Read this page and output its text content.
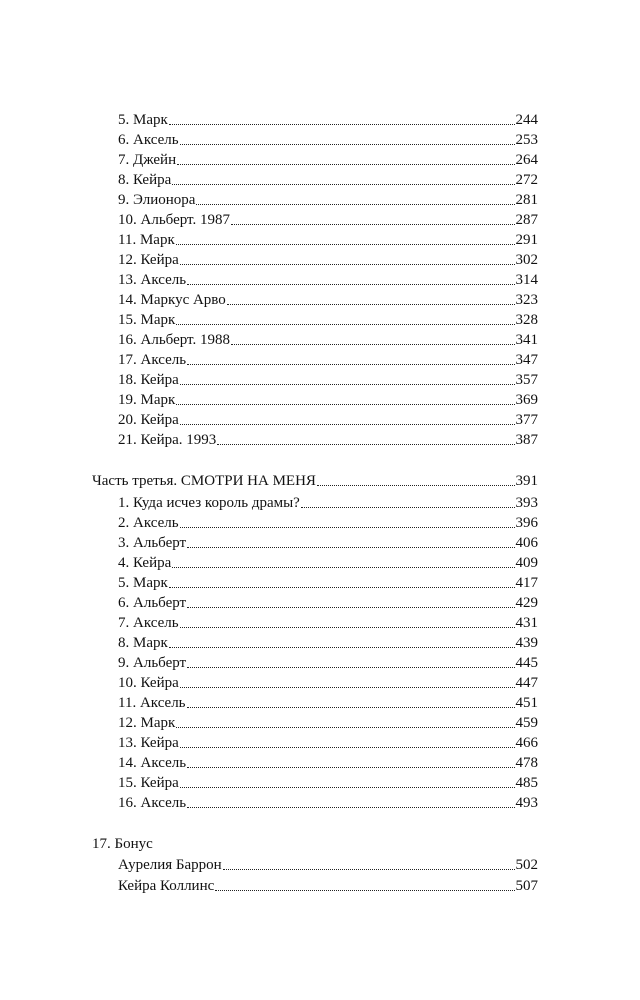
5. Марк	244
6. Аксель	253
7. Джейн	264
8. Кейра	272
9. Элионора	281
10. Альберт. 1987	287
11. Марк	291
12. Кейра	302
13. Аксель	314
14. Маркус Арво	323
15. Марк	328
16. Альберт. 1988	341
17. Аксель	347
18. Кейра	357
19. Марк	369
20. Кейра	377
21. Кейра. 1993	387
Часть третья. СМОТРИ НА МЕНЯ	391
1. Куда исчез король драмы?	393
2. Аксель	396
3. Альберт	406
4. Кейра	409
5. Марк	417
6. Альберт	429
7. Аксель	431
8. Марк	439
9. Альберт	445
10. Кейра	447
11. Аксель	451
12. Марк	459
13. Кейра	466
14. Аксель	478
15. Кейра	485
16. Аксель	493
17. Бонус
Аурелия Баррон	502
Кейра Коллинс	507
